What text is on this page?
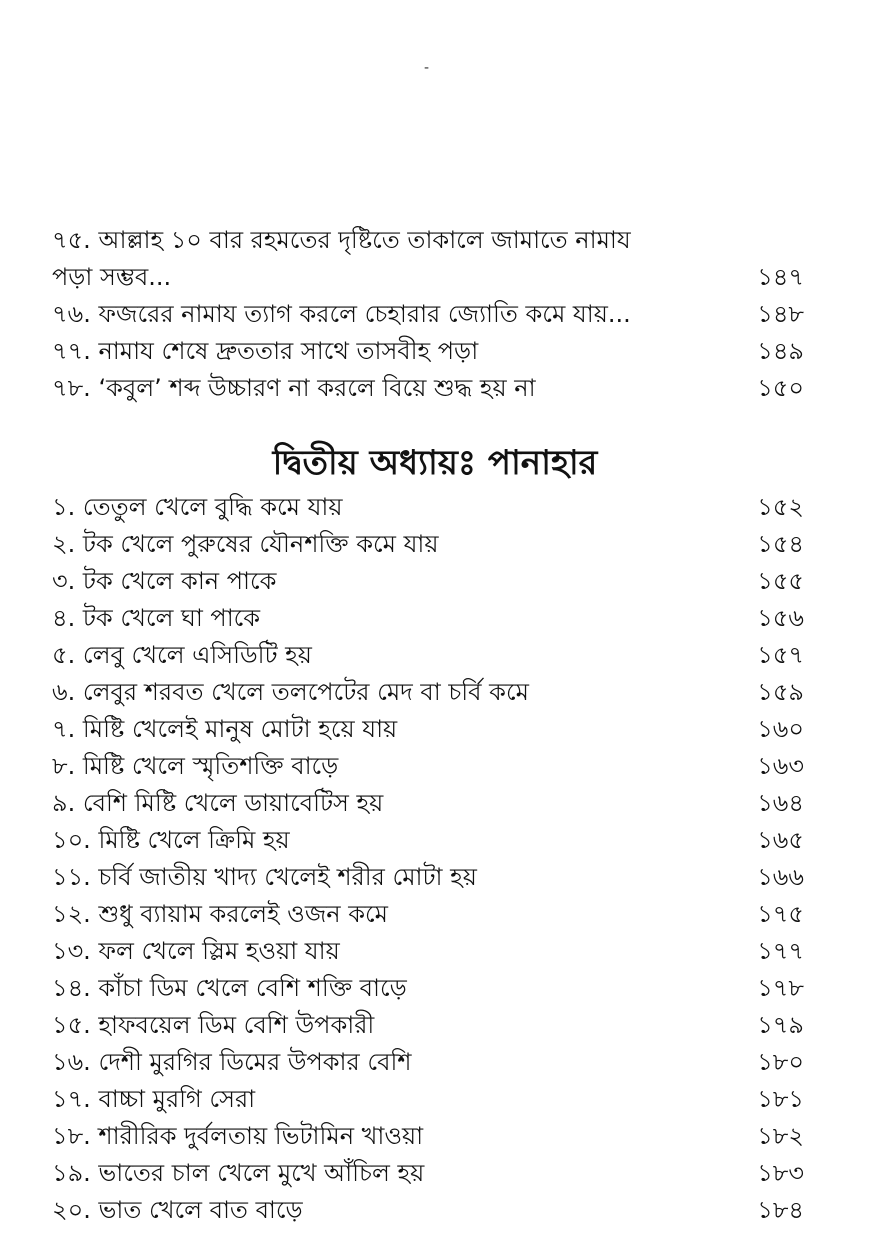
-
৭৫. আল্লাহ ১০ বার রহমতের দৃষ্টিতে তাকালে জামাতে নামায
পড়া সম্ভব...	১৪৭
৭৬. ফজরের নামায ত্যাগ করলে চেহারার জ্যোতি কমে যায়...	১৪৮
৭৭. নামায শেষে দ্রুততার সাথে তাসবীহ পড়া	১৪৯
৭৮. ‘কবুল’ শব্দ উচ্চারণ না করলে বিয়ে শুদ্ধ হয় না	১৫০
দ্বিতীয় অধ্যায়ঃ পানাহার
১. তেতুল খেলে বুদ্ধি কমে যায়	১৫২
২. টক খেলে পুরুষের যৌনশক্তি কমে যায়	১৫৪
৩. টক খেলে কান পাকে	১৫৫
৪. টক খেলে ঘা পাকে	১৫৬
৫. লেবু খেলে এসিডিটি হয়	১৫৭
৬. লেবুর শরবত খেলে তলপেটের মেদ বা চর্বি কমে	১৫৯
৭. মিষ্টি খেলেই মানুষ মোটা হয়ে যায়	১৬০
৮. মিষ্টি খেলে স্মৃতিশক্তি বাড়ে	১৬৩
৯. বেশি মিষ্টি খেলে ডায়াবেটিস হয়	১৬৪
১০. মিষ্টি খেলে ক্রিমি হয়	১৬৫
১১. চর্বি জাতীয় খাদ্য খেলেই শরীর মোটা হয়	১৬৬
১২. শুধু ব্যায়াম করলেই ওজন কমে	১৭৫
১৩. ফল খেলে স্লিম হওয়া যায়	১৭৭
১৪. কাঁচা ডিম খেলে বেশি শক্তি বাড়ে	১৭৮
১৫. হাফবয়েল ডিম বেশি উপকারী	১৭৯
১৬. দেশী মুরগির ডিমের উপকার বেশি	১৮০
১৭. বাচ্চা মুরগি সেরা	১৮১
১৮. শারীরিক দুর্বলতায় ভিটামিন খাওয়া	১৮২
১৯. ভাতের চাল খেলে মুখে আঁচিল হয়	১৮৩
২০. ভাত খেলে বাত বাড়ে	১৮৪
